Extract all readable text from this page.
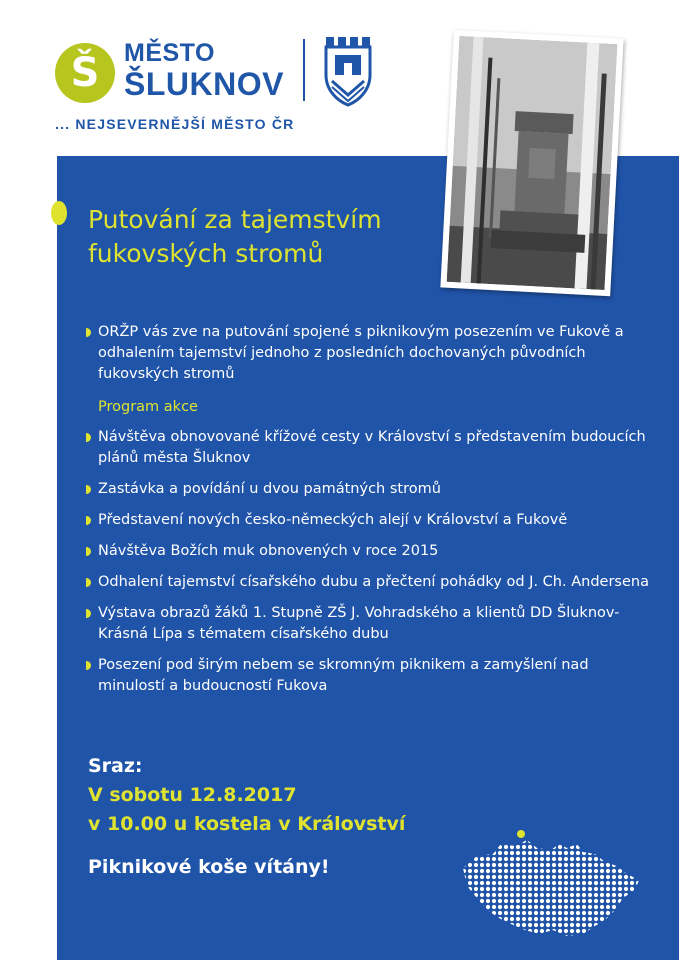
Š MĚSTO
ŠLUKNOV
... NEJSEVERNĚJŠÍ MĚSTO ČR
Putování za tajemstvím
fukovských stromů
ORŽP vás zve na putování spojené s piknikovým posezením ve Fukově a odhalením tajemství jednoho z posledních dochovaných původních fukovských stromů
Program akce
Návštěva obnovované křížové cesty v Království s představením budoucích plánů města Šluknov
Zastávka a povídání u dvou památných stromů
Představení nových česko-německých alejí v Království a Fukově
Návštěva Božích muk obnovených v roce 2015
Odhalení tajemství císařského dubu a přečtení pohádky od J. Ch. Andersena
Výstava obrazů žáků 1. Stupně ZŠ J. Vohradského a klientů DD Šluknov-Krásná Lípa s tématem císařského dubu
Posezení pod širým nebem se skromným piknikem a zamyšlení nad minulostí a budoucností Fukova
Sraz:
V sobotu 12.8.2017
v 10.00 u kostela v Království
Piknikové koše vítány!
